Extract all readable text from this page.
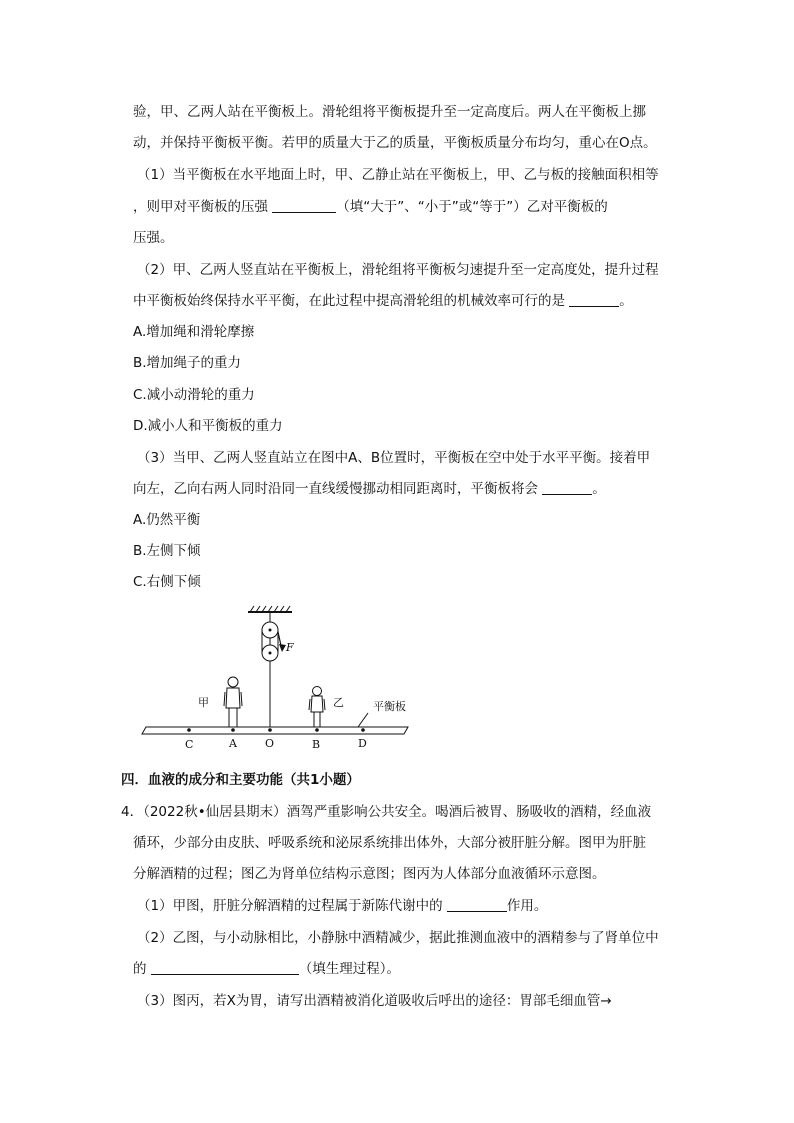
验，甲、乙两人站在平衡板上。滑轮组将平衡板提升至一定高度后。两人在平衡板上挪
动，并保持平衡板平衡。若甲的质量大于乙的质量，平衡板质量分布均匀，重心在O点。
（1）当平衡板在水平地面上时，甲、乙静止站在平衡板上，甲、乙与板的接触面积相等
，则甲对平衡板的压强	（填“大于”、“小于”或“等于”）乙对平衡板的
压强。
（2）甲、乙两人竖直站在平衡板上，滑轮组将平衡板匀速提升至一定高度处，提升过程
中平衡板始终保持水平平衡，在此过程中提高滑轮组的机械效率可行的是	。
A.增加绳和滑轮摩擦
B.增加绳子的重力
C.减小动滑轮的重力
D.减小人和平衡板的重力
（3）当甲、乙两人竖直站立在图中A、B位置时，平衡板在空中处于水平平衡。接着甲
向左，乙向右两人同时沿同一直线缓慢挪动相同距离时，平衡板将会	。
A.仍然平衡
B.左侧下倾
C.右侧下倾
F
甲	乙	平衡板
C	A	O	B	D
四．血液的成分和主要功能（共1小题）
4．（2022秋•仙居县期末）酒驾严重影响公共安全。喝酒后被胃、肠吸收的酒精，经血液
循环，少部分由皮肤、呼吸系统和泌尿系统排出体外，大部分被肝脏分解。图甲为肝脏
分解酒精的过程；图乙为肾单位结构示意图；图丙为人体部分血液循环示意图。
（1）甲图，肝脏分解酒精的过程属于新陈代谢中的	作用。
（2）乙图，与小动脉相比，小静脉中酒精减少，据此推测血液中的酒精参与了肾单位中
的	（填生理过程）。
（3）图丙，若X为胃，请写出酒精被消化道吸收后呼出的途径：胃部毛细血管→
